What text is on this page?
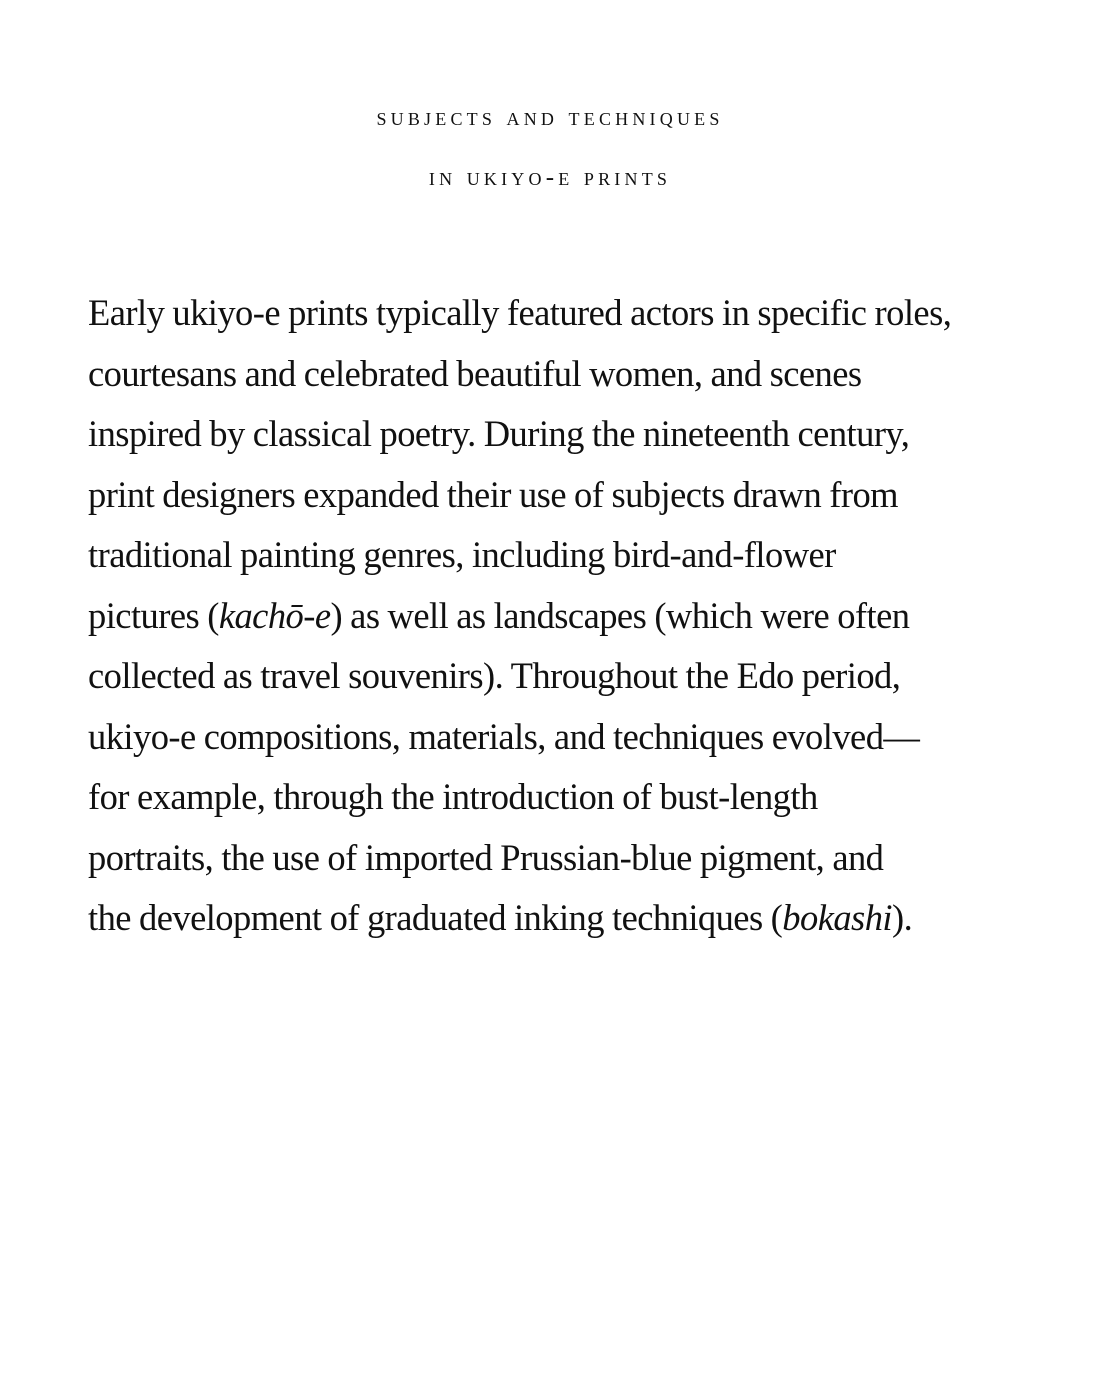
subjects and techniques
in ukiyo-e prints

Early ukiyo-e prints typically featured actors in specific roles,
courtesans and celebrated beautiful women, and scenes
inspired by classical poetry. During the nineteenth century,
print designers expanded their use of subjects drawn from
traditional painting genres, including bird-and-flower
pictures (kachō-e) as well as landscapes (which were often
collected as travel souvenirs). Throughout the Edo period,
ukiyo-e compositions, materials, and techniques evolved—
for example, through the introduction of bust-length
portraits, the use of imported Prussian-blue pigment, and
the development of graduated inking techniques (bokashi).
